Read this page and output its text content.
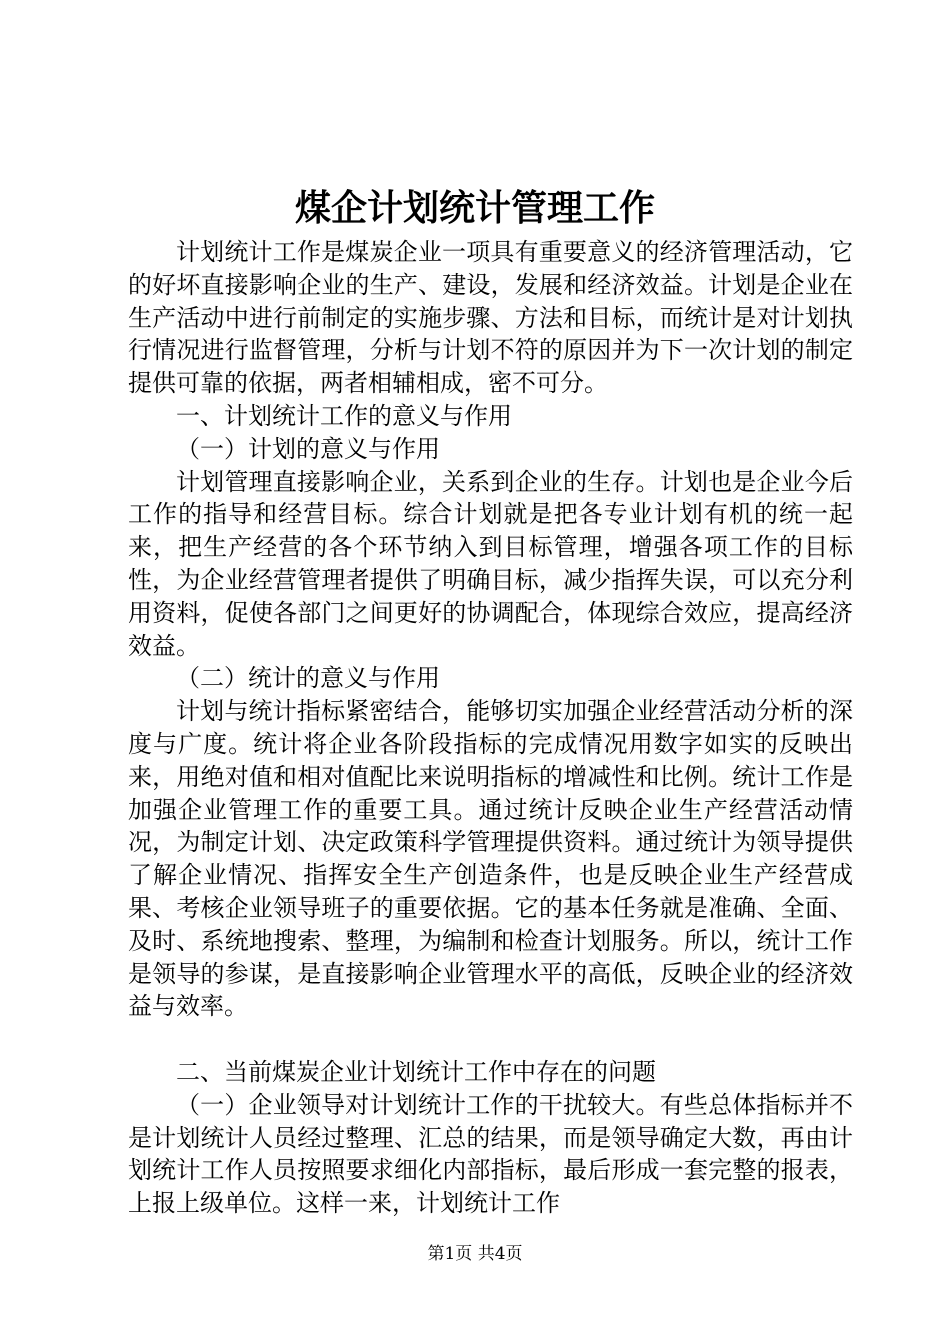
煤企计划统计管理工作

计划统计工作是煤炭企业一项具有重要意义的经济管理活动，它的好坏直接影响企业的生产、建设，发展和经济效益。计划是企业在生产活动中进行前制定的实施步骤、方法和目标，而统计是对计划执行情况进行监督管理，分析与计划不符的原因并为下一次计划的制定提供可靠的依据，两者相辅相成，密不可分。

一、计划统计工作的意义与作用

（一）计划的意义与作用

计划管理直接影响企业，关系到企业的生存。计划也是企业今后工作的指导和经营目标。综合计划就是把各专业计划有机的统一起来，把生产经营的各个环节纳入到目标管理，增强各项工作的目标性，为企业经营管理者提供了明确目标，减少指挥失误，可以充分利用资料，促使各部门之间更好的协调配合，体现综合效应，提高经济效益。

（二）统计的意义与作用

计划与统计指标紧密结合，能够切实加强企业经营活动分析的深度与广度。统计将企业各阶段指标的完成情况用数字如实的反映出来，用绝对值和相对值配比来说明指标的增减性和比例。统计工作是加强企业管理工作的重要工具。通过统计反映企业生产经营活动情况，为制定计划、决定政策科学管理提供资料。通过统计为领导提供了解企业情况、指挥安全生产创造条件，也是反映企业生产经营成果、考核企业领导班子的重要依据。它的基本任务就是准确、全面、及时、系统地搜索、整理，为编制和检查计划服务。所以，统计工作是领导的参谋，是直接影响企业管理水平的高低，反映企业的经济效益与效率。

二、当前煤炭企业计划统计工作中存在的问题

（一）企业领导对计划统计工作的干扰较大。有些总体指标并不是计划统计人员经过整理、汇总的结果，而是领导确定大数，再由计划统计工作人员按照要求细化内部指标，最后形成一套完整的报表，上报上级单位。这样一来，计划统计工作

第1页 共4页
